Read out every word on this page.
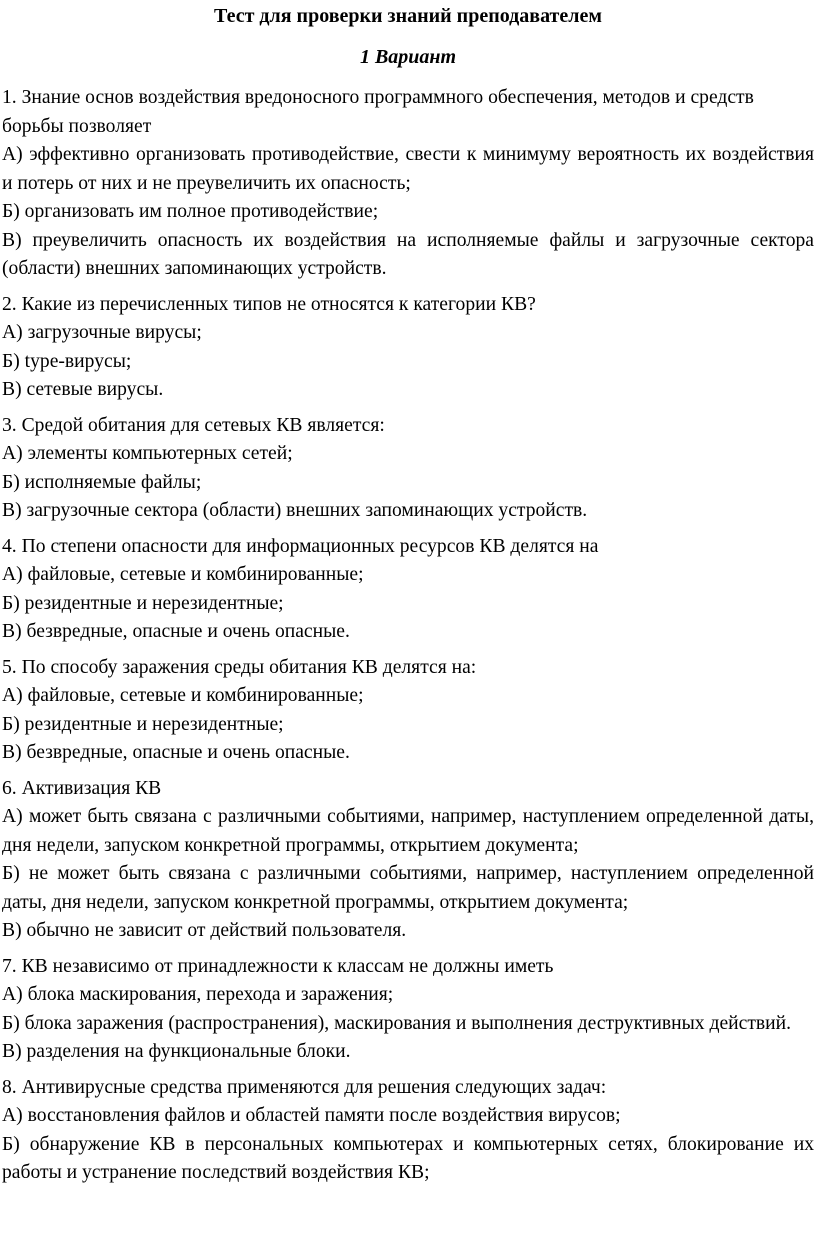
Тест для проверки знаний преподавателем
1 Вариант
1. Знание основ воздействия вредоносного программного обеспечения, методов и средств борьбы позволяет
А) эффективно организовать противодействие, свести к минимуму вероятность их воздействия и потерь от них и не преувеличить их опасность;
Б) организовать им полное противодействие;
В) преувеличить опасность их воздействия на исполняемые файлы и загрузочные сектора (области) внешних запоминающих устройств.
2. Какие из перечисленных типов не относятся к категории КВ?
А) загрузочные вирусы;
Б) type-вирусы;
В) сетевые вирусы.
3. Средой обитания для сетевых КВ является:
А) элементы компьютерных сетей;
Б) исполняемые файлы;
В) загрузочные сектора (области) внешних запоминающих устройств.
4. По степени опасности для информационных ресурсов КВ делятся на
А) файловые, сетевые и комбинированные;
Б) резидентные и нерезидентные;
В) безвредные, опасные и очень опасные.
5. По способу заражения среды обитания КВ делятся на:
А) файловые, сетевые и комбинированные;
Б) резидентные и нерезидентные;
В) безвредные, опасные и очень опасные.
6. Активизация КВ
А) может быть связана с различными событиями, например, наступлением определенной даты, дня недели, запуском конкретной программы, открытием документа;
Б) не может быть связана с различными событиями, например, наступлением определенной даты, дня недели, запуском конкретной программы, открытием документа;
В) обычно не зависит от действий пользователя.
7. КВ независимо от принадлежности к классам не должны иметь
А) блока маскирования, перехода и заражения;
Б) блока заражения (распространения), маскирования и выполнения деструктивных действий.
В) разделения на функциональные блоки.
8. Антивирусные средства применяются для решения следующих задач:
А) восстановления файлов и областей памяти после воздействия вирусов;
Б) обнаружение КВ в персональных компьютерах и компьютерных сетях, блокирование их работы и устранение последствий воздействия КВ;
